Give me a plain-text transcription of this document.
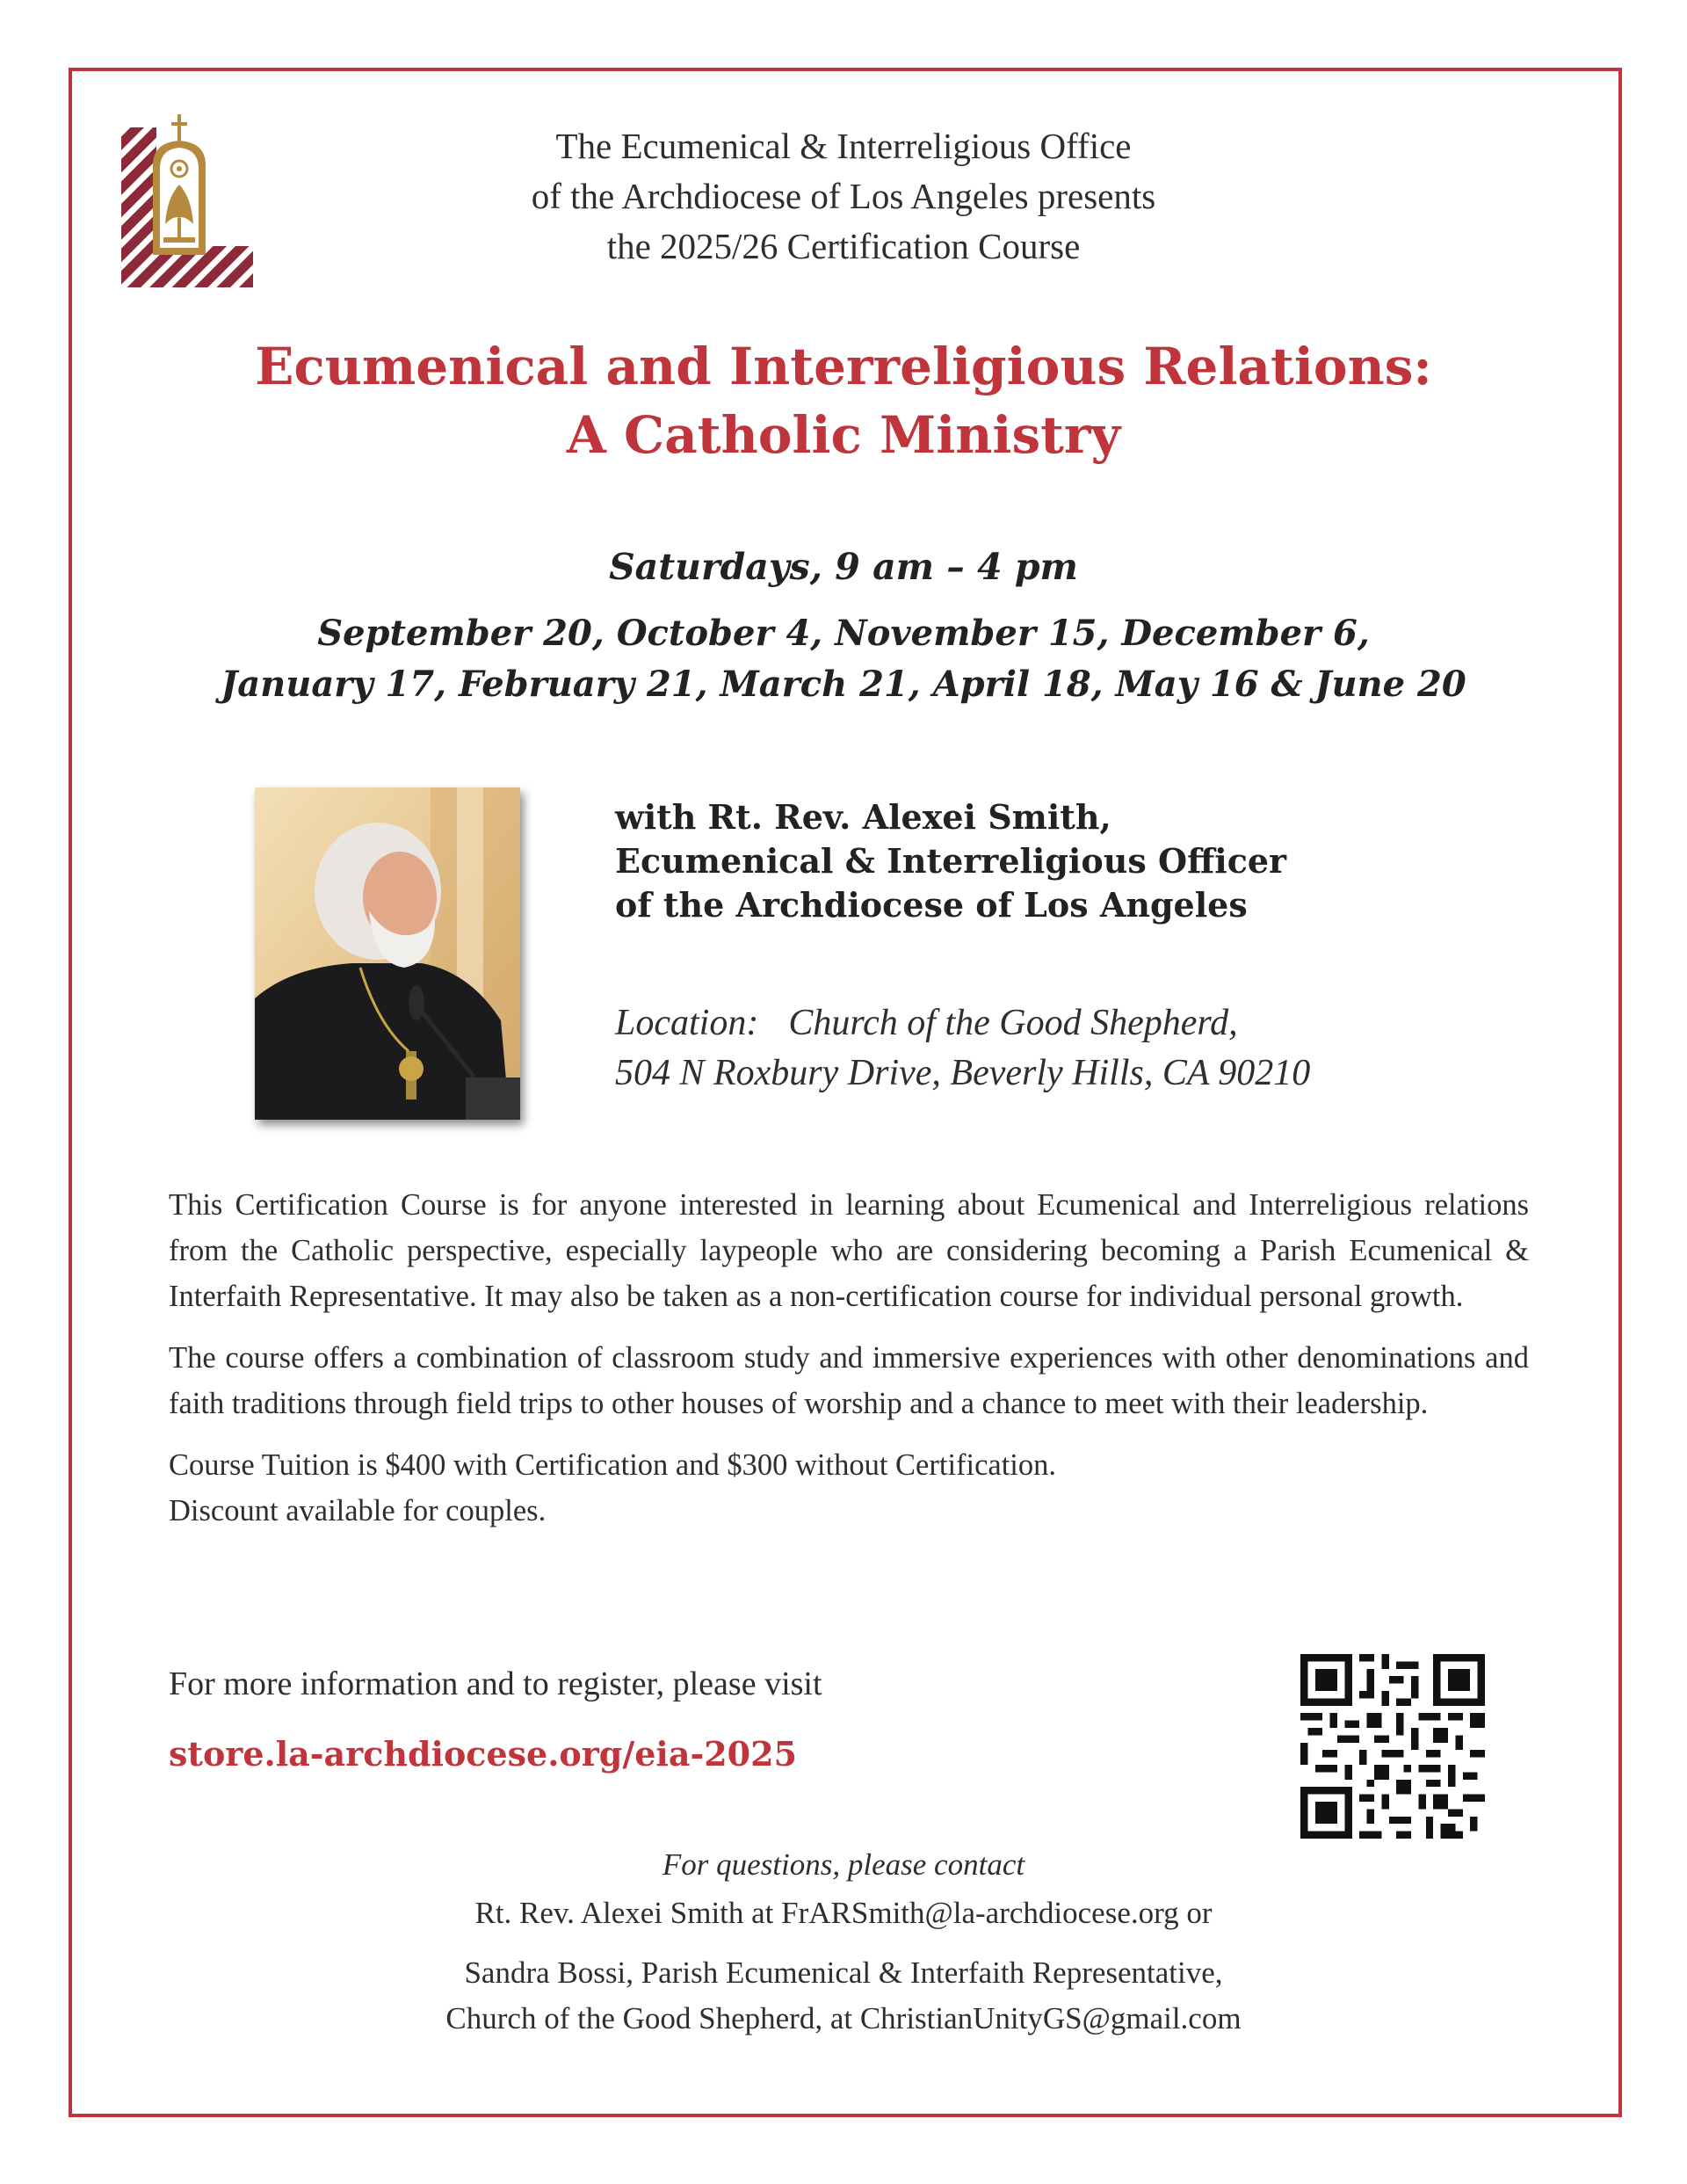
The Ecumenical & Interreligious Office
of the Archdiocese of Los Angeles presents
the 2025/26 Certification Course
Ecumenical and Interreligious Relations:
A Catholic Ministry
Saturdays, 9 am – 4 pm
September 20, October 4, November 15, December 6,
January 17, February 21, March 21, April 18, May 16 & June 20
with Rt. Rev. Alexei Smith,
Ecumenical & Interreligious Officer
of the Archdiocese of Los Angeles
Location: Church of the Good Shepherd,
504 N Roxbury Drive, Beverly Hills, CA 90210

This Certification Course is for anyone interested in learning about Ecumenical and Interreligious relations from the Catholic perspective, especially laypeople who are considering becoming a Parish Ecumenical & Interfaith Representative. It may also be taken as a non-certification course for individual personal growth.

The course offers a combination of classroom study and immersive experiences with other denominations and faith traditions through field trips to other houses of worship and a chance to meet with their leadership.

Course Tuition is $400 with Certification and $300 without Certification.
Discount available for couples.
For more information and to register, please visit
store.la-archdiocese.org/eia-2025
For questions, please contact
Rt. Rev. Alexei Smith at FrARSmith@la-archdiocese.org or
Sandra Bossi, Parish Ecumenical & Interfaith Representative,
Church of the Good Shepherd, at ChristianUnityGS@gmail.com
